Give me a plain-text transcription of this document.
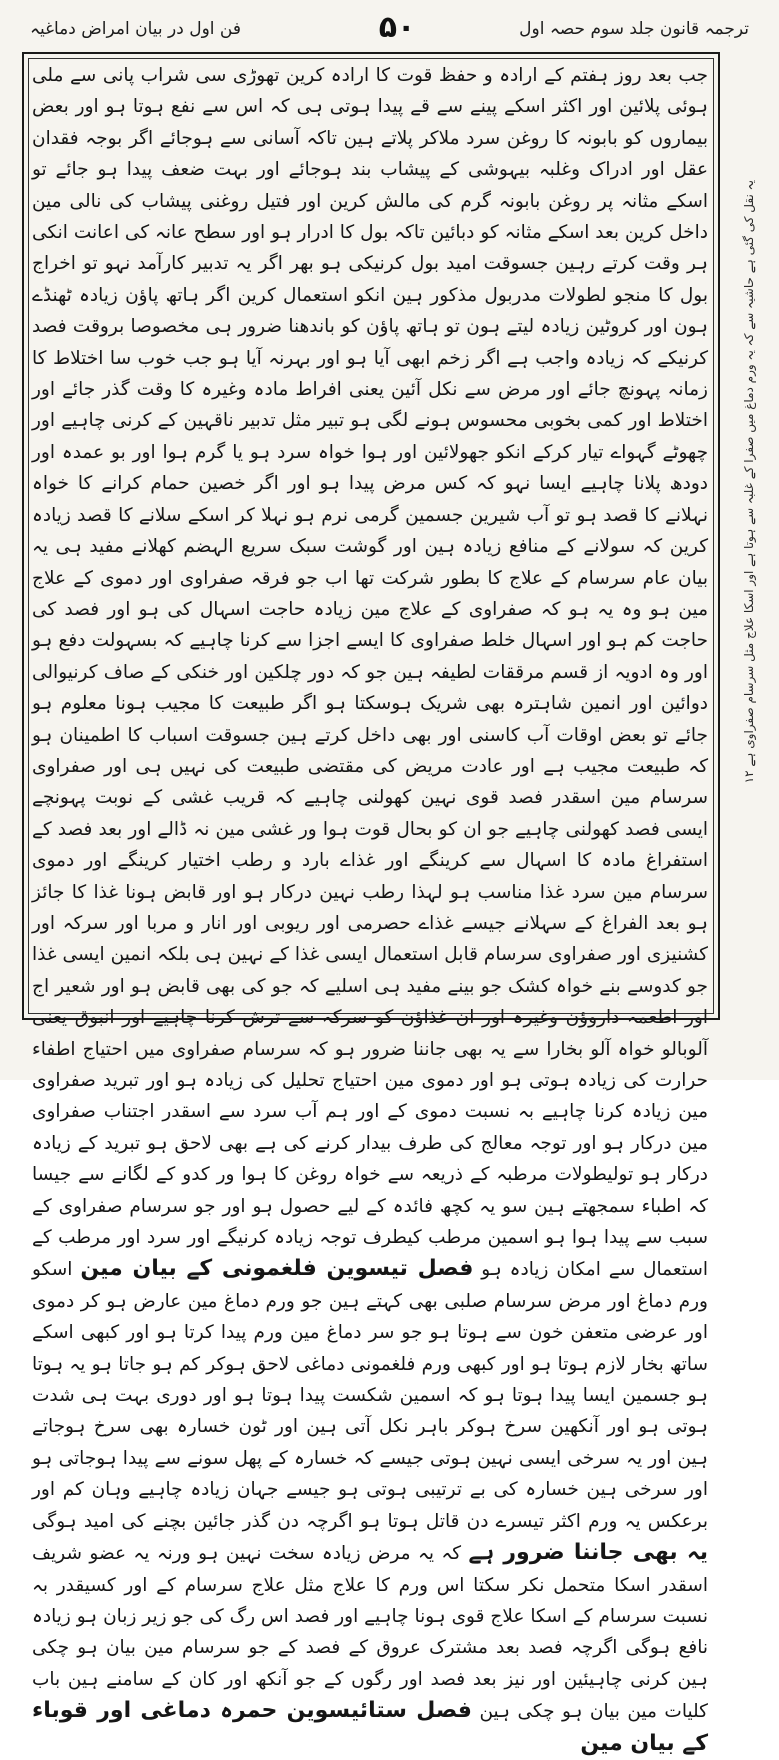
ترجمہ قانون جلد سوم حصہ اول
۵۰
فن اول در بیان امراض دماغیہ
جب بعد روز ہفتم کے ارادہ و حفظ قوت کا ارادہ کرین تھوڑی سی شراب پانی سے ملی ہوئی پلائین اور اکثر اسکے پینے سے قے پیدا ہوتی ہی کہ اس سے نفع ہوتا ہو اور بعض بیماروں کو بابونہ کا روغن سرد ملاکر پلاتے ہین تاکہ آسانی سے ہوجائے اگر بوجہ فقدان عقل اور ادراک وغلبہ بیہوشی کے پیشاب بند ہوجائے اور بہت ضعف پیدا ہو جائے تو اسکے مثانہ پر روغن بابونہ گرم کی مالش کرین اور فتیل روغنی پیشاب کی نالی مین داخل کرین بعد اسکے مثانہ کو دبائین تاکہ بول کا ادرار ہو اور سطح عانہ کی اعانت انکی ہر وقت کرتے رہین جسوقت امید بول کرنیکی ہو بھر اگر یہ تدبیر کارآمد نہو تو اخراج بول کا منجو لطولات مدربول مذکور ہین انکو استعمال کرین اگر ہاتھ پاؤن زیادہ ٹھنڈے ہون اور کروٹین زیادہ لیتے ہون تو ہاتھ پاؤن کو باندھنا ضرور ہی مخصوصا بروقت فصد کرنیکے کہ زیادہ واجب ہے اگر زخم ابھی آیا ہو اور بہرنہ آیا ہو جب خوب سا اختلاط کا زمانہ پہونچ جائے اور مرض سے نکل آئین یعنی افراط مادہ وغیرہ کا وقت گذر جائے اور اختلاط اور کمی بخوبی محسوس ہونے لگی ہو تبیر مثل تدبیر ناقہین کے کرنی چاہیے اور چھوٹے گہواے تیار کرکے انکو جھولائین اور ہوا خواہ سرد ہو یا گرم ہوا اور بو عمدہ اور دودھ پلانا چاہیے ایسا نہو کہ کس مرض پیدا ہو اور اگر خصین حمام کرانے کا خواہ نہلانے کا قصد ہو تو آب شیرین جسمین گرمی نرم ہو نہلا کر اسکے سلانے کا قصد زیادہ کرین کہ سولانے کے منافع زیادہ ہین اور گوشت سبک سریع الہضم کھلانے مفید ہی یہ بیان عام سرسام کے علاج کا بطور شرکت تھا اب جو فرقہ صفراوی اور دموی کے علاج مین ہو وہ یہ ہو کہ صفراوی کے علاج مین زیادہ حاجت اسہال کی ہو اور فصد کی حاجت کم ہو اور اسہال خلط صفراوی کا ایسے اجزا سے کرنا چاہیے کہ بسہولت دفع ہو اور وہ ادویہ از قسم مرققات لطیفہ ہین جو کہ دور چلکین اور خنکی کے صاف کرنیوالی دوائین اور انمین شاہترہ بھی شریک ہوسکتا ہو اگر طبیعت کا مجیب ہونا معلوم ہو جائے تو بعض اوقات آب کاسنی اور بھی داخل کرتے ہین جسوقت اسباب کا اطمینان ہو کہ طبیعت مجیب ہے اور عادت مریض کی مقتضی طبیعت کی نہیں ہی اور صفراوی سرسام مین اسقدر فصد قوی نہین کھولنی چاہیے کہ قریب غشی کے نوبت پہونچے ایسی فصد کھولنی چاہیے جو ان کو بحال قوت ہوا ور غشی مین نہ ڈالے اور بعد فصد کے استفراغ مادہ کا اسہال سے کرینگے اور غذاے بارد و رطب اختیار کرینگے اور دموی سرسام مین سرد غذا مناسب ہو لہذا رطب نہین درکار ہو اور قابض ہونا غذا کا جائز ہو بعد الفراغ کے سہلانے جیسے غذاے حصرمی اور ریوبی اور انار و مربا اور سرکہ اور کشنیزی اور صفراوی سرسام قابل استعمال ایسی غذا کے نہین ہی بلکہ انمین ایسی غذا جو کدوسے بنے خواہ کشک جو بینے مفید ہی اسلیے کہ جو کی بھی قابض ہو اور شعیر اج اور اطعمہ داروؤن وغیرہ اور ان غذاؤن کو سرکہ سے ترش کرنا چاہیے اور انبوق یعنی آلوبالو خواہ آلو بخارا سے یہ بھی جاننا ضرور ہو کہ سرسام صفراوی میں احتیاج اطفاء حرارت کی زیادہ ہوتی ہو اور دموی مین احتیاج تحلیل کی زیادہ ہو اور تبرید صفراوی مین زیادہ کرنا چاہیے بہ نسبت دموی کے اور ہم آب سرد سے اسقدر اجتناب صفراوی مین درکار ہو اور توجہ معالج کی طرف بیدار کرنے کی ہے بھی لاحق ہو تبرید کے زیادہ درکار ہو تولیطولات مرطبہ کے ذریعہ سے خواہ روغن کا ہوا ور کدو کے لگانے سے جیسا کہ اطباء سمجھتے ہین سو یہ کچھ فائدہ کے لیے حصول ہو اور جو سرسام صفراوی کے سبب سے پیدا ہوا ہو اسمین مرطب کیطرف توجہ زیادہ کرنیگے اور سرد اور مرطب کے استعمال سے امکان زیادہ ہو فصل تیسوین فلغمونی کے بیان مین اسکو ورم دماغ اور مرض سرسام صلبی بھی کہتے ہین جو ورم دماغ مین عارض ہو کر دموی اور عرضی متعفن خون سے ہوتا ہو جو سر دماغ مین ورم پیدا کرتا ہو اور کبھی اسکے ساتھ بخار لازم ہوتا ہو اور کبھی ورم فلغمونی دماغی لاحق ہوکر کم ہو جاتا ہو یہ ہوتا ہو جسمین ایسا پیدا ہوتا ہو کہ اسمین شکست پیدا ہوتا ہو اور دوری بہت ہی شدت ہوتی ہو اور آنکھین سرخ ہوکر باہر نکل آتی ہین اور ٹون خسارہ بھی سرخ ہوجاتے ہین اور یہ سرخی ایسی نہین ہوتی جیسے کہ خسارہ کے پھل سونے سے پیدا ہوجاتی ہو اور سرخی ہین خسارہ کی بے ترتیبی ہوتی ہو جیسے جہان زیادہ چاہیے وہان کم اور برعکس یہ ورم اکثر تیسرے دن قاتل ہوتا ہو اگرچہ دن گذر جائین بچنے کی امید ہوگی یہ بھی جاننا ضرور ہے کہ یہ مرض زیادہ سخت نہین ہو ورنہ یہ عضو شریف اسقدر اسکا متحمل نکر سکتا اس ورم کا علاج مثل علاج سرسام کے اور کسیقدر بہ نسبت سرسام کے اسکا علاج قوی ہونا چاہیے اور فصد اس رگ کی جو زیر زبان ہو زیادہ نافع ہوگی اگرچہ فصد بعد مشترک عروق کے فصد کے جو سرسام مین بیان ہو چکی ہین کرنی چاہیئین اور نیز بعد فصد اور رگوں کے جو آنکھ اور کان کے سامنے ہین باب کلیات مین بیان ہو چکی ہین فصل ستائیسوین حمرہ دماغی اور قوباء کے بیان مین
یہ نقل کی گئی ہے حاشیہ سے کہ یہ ورم دماغ میں صفرا کے غلبہ سے ہوتا ہے اور اسکا علاج مثل سرسام صفراوی ہے ۱۲
